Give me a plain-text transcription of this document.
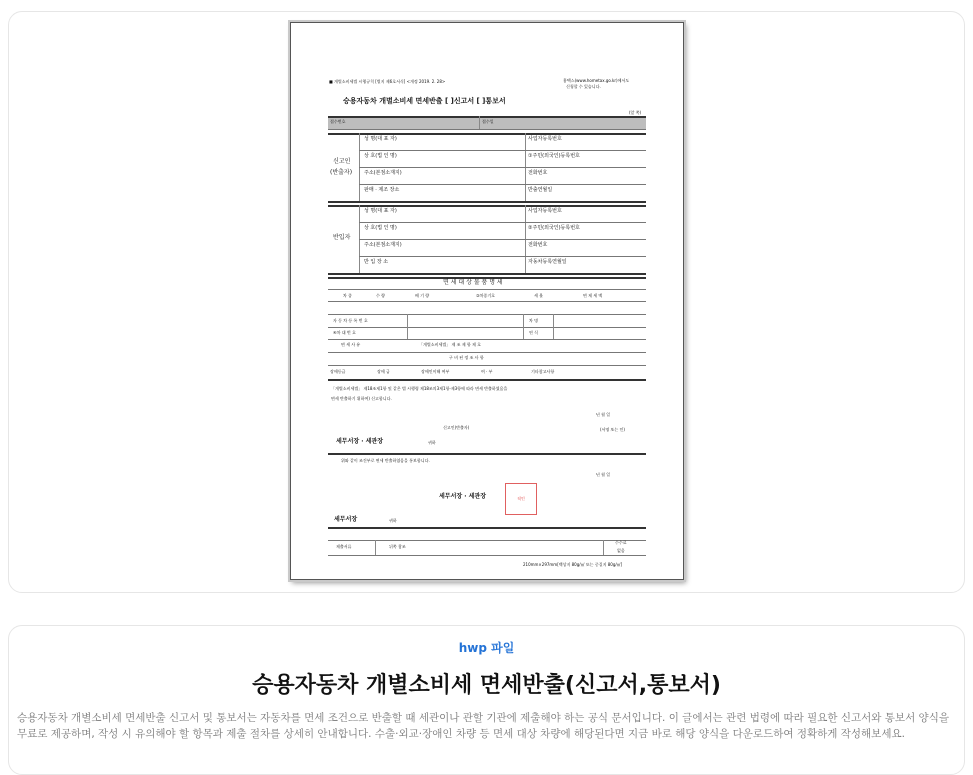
■ 개별소비세법 시행규칙 [별지 제6호서식] <개정 2019. 2. 28>	홈택스(www.hometax.go.kr)에서도
신청할 수 있습니다.
승용자동차 개별소비세 면세반출 [ ]신고서 [ ]통보서
(앞 쪽)
접수번호	접수일
신고인
(반출자)
성 명(대 표 자)	사업자등록번호
상 호(법 인 명)	①주민(외국인)등록번호
주소(본점소재지)	전화번호
판매 · 제조 장소	반출연월일
반입자
성 명(대 표 자)	사업자등록번호
상 호(법 인 명)	②주민(외국인)등록번호
주소(본점소재지)	전화번호
반 입 장 소	자동차등록연월일
면 세 대 상 물 품 명 세
차 종	수 량	배 기 량	③차종기호	세 율	면 제 세 액
자 동 차 등 록 번 호	차 명
④차 대 번 호	연 식
면 세 사 유	「개별소비세법」 제 조 제 항 제 호
구 비 된 정 조 사 항
장애등급	장애 급	장애인이해 여부	여 · 부	기타참고사항
「개별소비세법」 제18조제1항 및 같은 법 시행령 제18조의3제1항·제3항에 따라 면세 반출하였음을
면세 반출하기 위하여) 신고합니다.
년 월 일
신고인(반출자)	(서명 또는 인)
세무서장 · 세관장	귀하
위와 같이 조건부로 면세 반출하였음을 통보합니다.
년 월 일
세무서장 · 세관장	직인
세무서장	귀하
제출서류	뒤쪽 참조
수수료
없음
210mm×297mm[백상지 80g/㎡ 또는 중질지 80g/㎡]
hwp 파일
승용자동차 개별소비세 면세반출(신고서,통보서)
승용자동차 개별소비세 면세반출 신고서 및 통보서는 자동차를 면세 조건으로 반출할 때 세관이나 관할 기관에 제출해야 하는 공식 문서입니다. 이 글에서는 관련 법령에 따라 필요한 신고서와 통보서 양식을 무료로 제공하며, 작성 시 유의해야 할 항목과 제출 절차를 상세히 안내합니다. 수출·외교·장애인 차량 등 면세 대상 차량에 해당된다면 지금 바로 해당 양식을 다운로드하여 정확하게 작성해보세요.
